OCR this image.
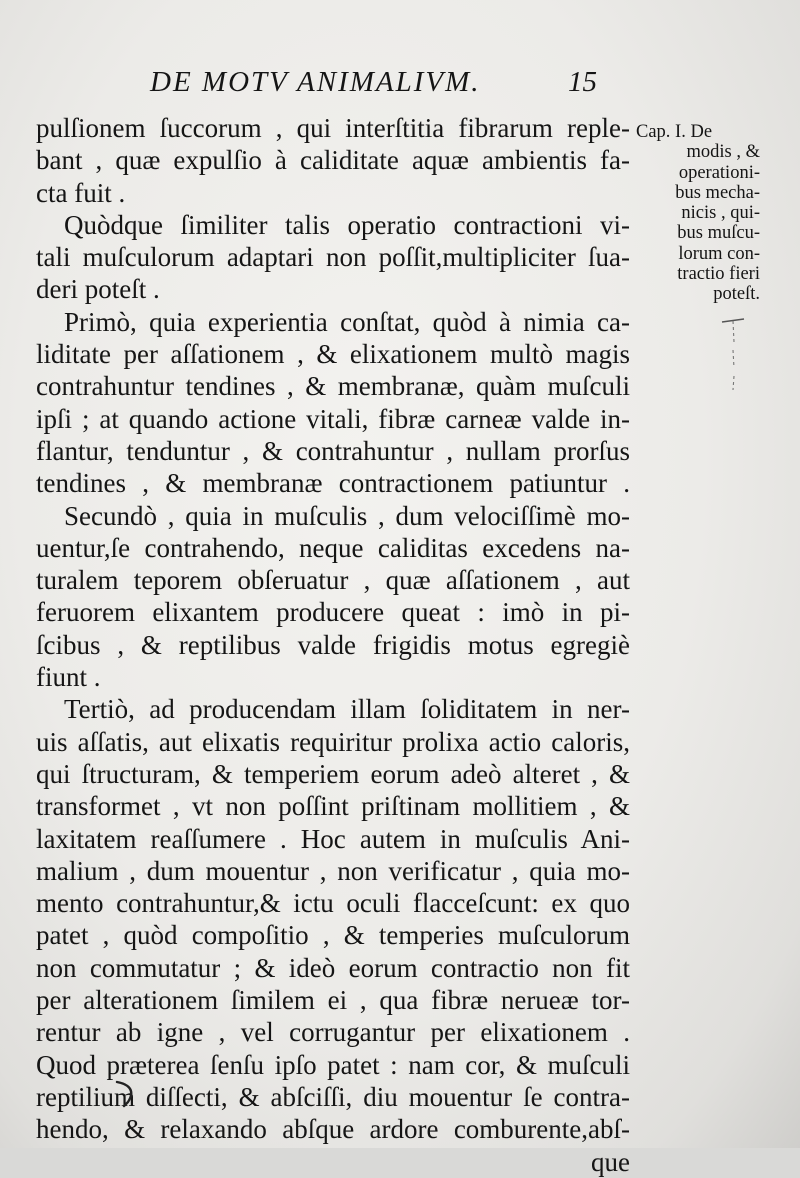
DE MOTV ANIMALIVM.	15
pulſionem ſuccorum , qui interſtitia fibrarum reple-
bant , quæ expulſio à caliditate aquæ ambientis fa-
cta fuit .
Quòdque ſimiliter talis operatio contractioni vi-
tali muſculorum adaptari non poſſit,multipliciter ſua-
deri poteſt .
Primò, quia experientia conſtat, quòd à nimia ca-
liditate per aſſationem , & elixationem multò magis
contrahuntur tendines , & membranæ, quàm muſculi
ipſi ; at quando actione vitali, fibræ carneæ valde in-
flantur, tenduntur , & contrahuntur , nullam prorſus
tendines , & membranæ contractionem patiuntur .
Secundò , quia in muſculis , dum velociſſimè mo-
uentur,ſe contrahendo, neque caliditas excedens na-
turalem teporem obſeruatur , quæ aſſationem , aut
feruorem elixantem producere queat : imò in pi-
ſcibus , & reptilibus valde frigidis motus egregiè
fiunt .
Tertiò, ad producendam illam ſoliditatem in ner-
uis aſſatis, aut elixatis requiritur prolixa actio caloris,
qui ſtructuram, & temperiem eorum adeò alteret , &
transformet , vt non poſſint priſtinam mollitiem , &
laxitatem reaſſumere . Hoc autem in muſculis Ani-
malium , dum mouentur , non verificatur , quia mo-
mento contrahuntur,& ictu oculi flacceſcunt: ex quo
patet , quòd compoſitio , & temperies muſculorum
non commutatur ; & ideò eorum contractio non fit
per alterationem ſimilem ei , qua fibræ nerueæ tor-
rentur ab igne , vel corrugantur per elixationem .
Quod præterea ſenſu ipſo patet : nam cor, & muſculi
reptilium diſſecti, & abſciſſi, diu mouentur ſe contra-
hendo, & relaxando abſque ardore comburente,abſ-
que
Cap. I. De
modis , &
operationi-
bus mecha-
nicis , qui-
bus muſcu-
lorum con-
tractio fieri
poteſt.
